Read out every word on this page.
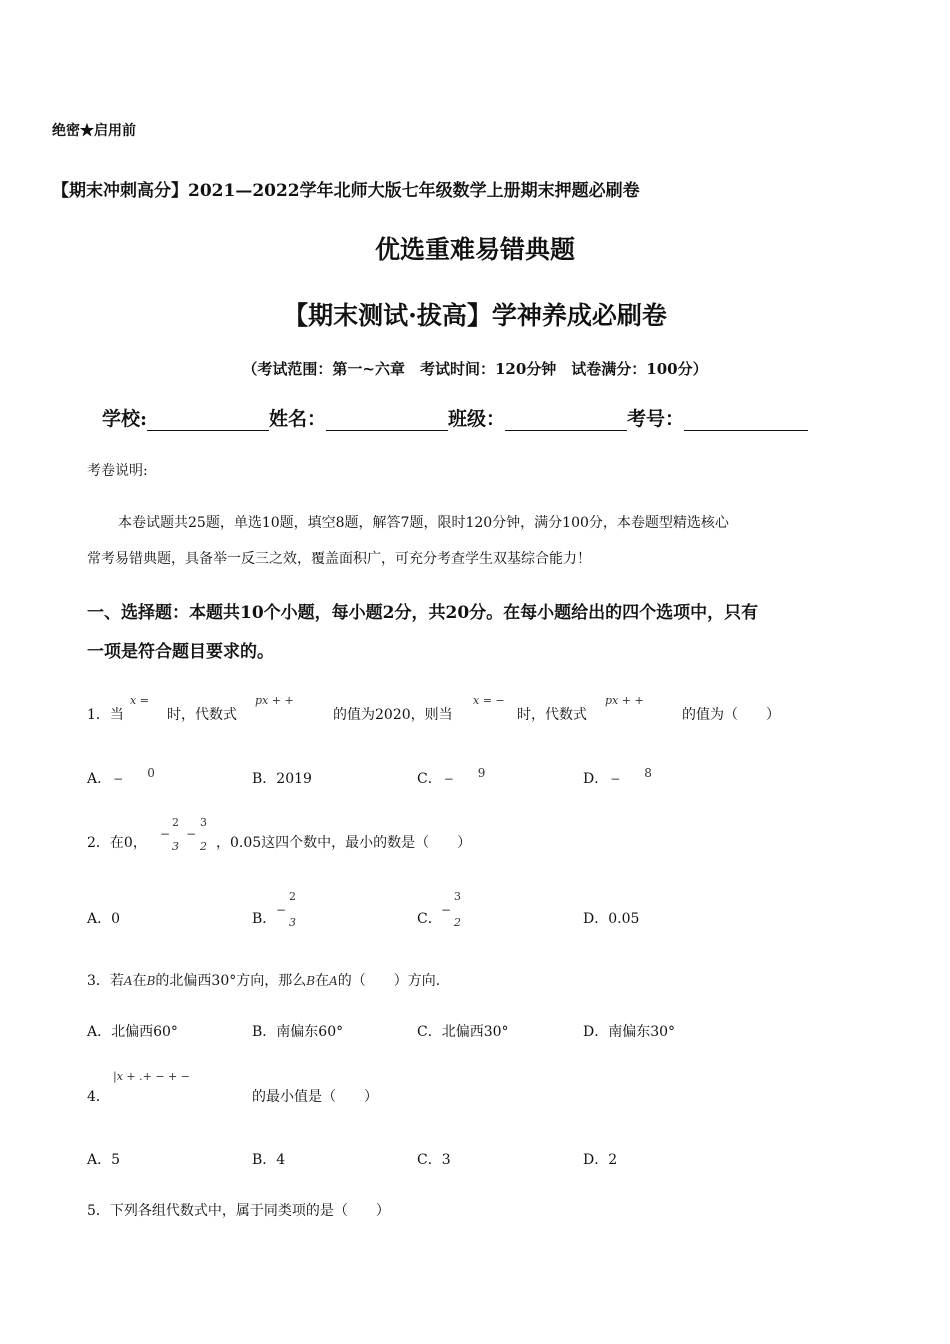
绝密★启用前
【期末冲刺高分】2021—2022学年北师大版七年级数学上册期末押题必刷卷
优选重难易错典题
【期末测试·拔高】学神养成必刷卷
（考试范围：第一~六章　考试时间：120分钟　试卷满分：100分）
学校:	姓名：	班级：	考号：
考卷说明:
本卷试题共25题，单选10题，填空8题，解答7题，限时120分钟，满分100分，本卷题型精选核心
常考易错典题，具备举一反三之效，覆盖面积广，可充分考查学生双基综合能力！
一、选择题：本题共10个小题，每小题2分，共20分。在每小题给出的四个选项中，只有
一项是符合题目要求的。
1．当
x =
时，代数式
px + +
的值为2020，则当
x = −
时，代数式
px + +
的值为（　　）
A． − 0	B．2019	C． − 9	D． − 8
2．在0，
−
2
3
−
3
2 ，0.05这四个数中，最小的数是（　　）
A．0	B．
−
2
3	C．
−
3
2	D．0.05
3．若A在B的北偏西30°方向，那么B在A的（　　）方向.
A．北偏西60°	B．南偏东60°	C．北偏西30°	D．南偏东30°
4．
|x + .+ − + −
的最小值是（　　）
A．5	B．4	C．3	D．2
5．下列各组代数式中，属于同类项的是（　　）
